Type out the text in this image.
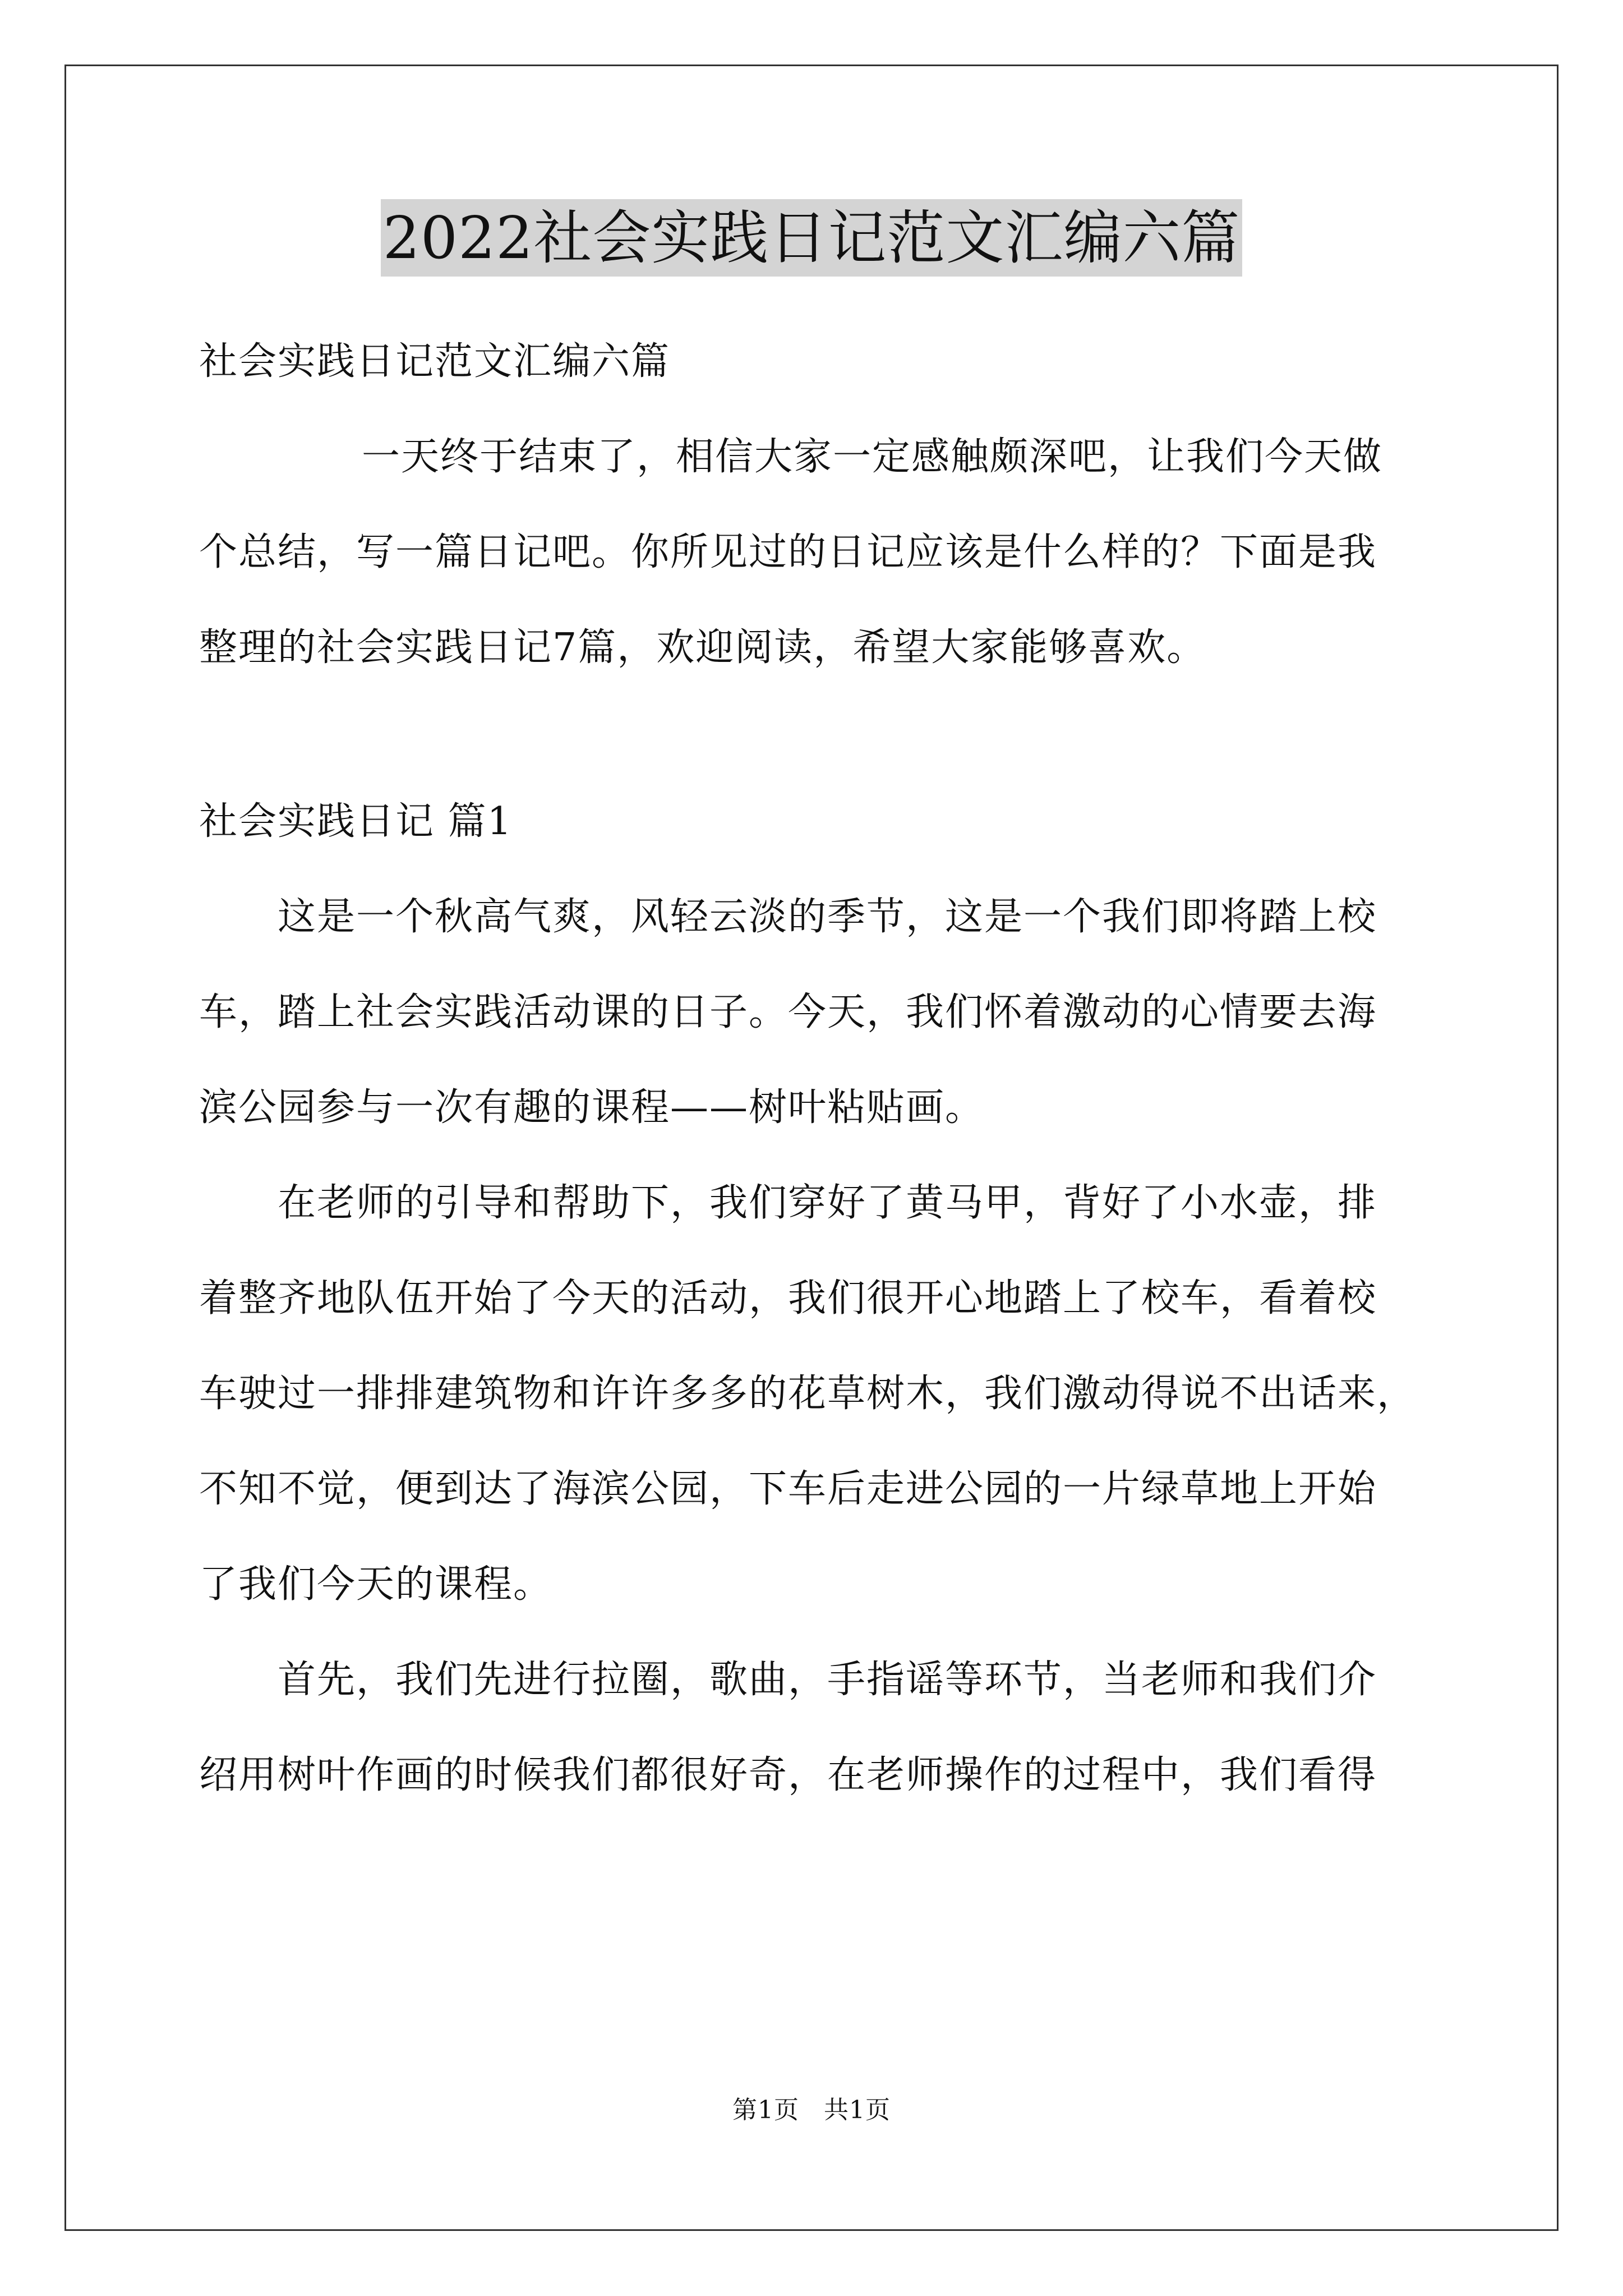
2022社会实践日记范文汇编六篇
社会实践日记范文汇编六篇
一天终于结束了，相信大家一定感触颇深吧，让我们今天做
个总结，写一篇日记吧。你所见过的日记应该是什么样的？下面是我
整理的社会实践日记7篇，欢迎阅读，希望大家能够喜欢。
社会实践日记 篇1
这是一个秋高气爽，风轻云淡的季节，这是一个我们即将踏上校
车，踏上社会实践活动课的日子。今天，我们怀着激动的心情要去海
滨公园参与一次有趣的课程——树叶粘贴画。
在老师的引导和帮助下，我们穿好了黄马甲，背好了小水壶，排
着整齐地队伍开始了今天的活动，我们很开心地踏上了校车，看着校
车驶过一排排建筑物和许许多多的花草树木，我们激动得说不出话来，
不知不觉，便到达了海滨公园，下车后走进公园的一片绿草地上开始
了我们今天的课程。
首先，我们先进行拉圈，歌曲，手指谣等环节，当老师和我们介
绍用树叶作画的时候我们都很好奇，在老师操作的过程中，我们看得
第1页 共1页
